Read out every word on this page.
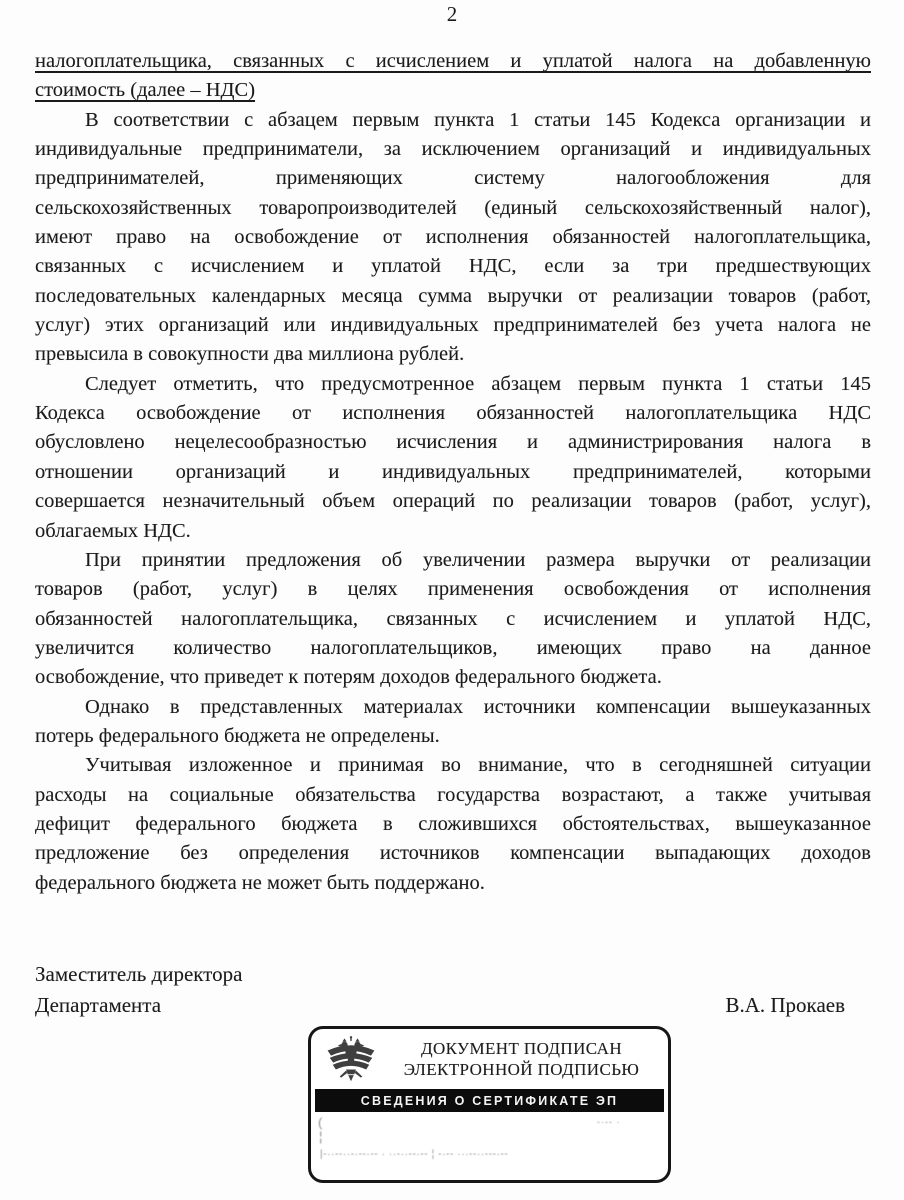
2
налогоплательщика, связанных с исчислением и уплатой налога на добавленную
стоимость (далее – НДС)
В соответствии с абзацем первым пункта 1 статьи 145 Кодекса организации и
индивидуальные предприниматели, за исключением организаций и индивидуальных
предпринимателей, применяющих систему налогообложения для
сельскохозяйственных товаропроизводителей (единый сельскохозяйственный налог),
имеют право на освобождение от исполнения обязанностей налогоплательщика,
связанных с исчислением и уплатой НДС, если за три предшествующих
последовательных календарных месяца сумма выручки от реализации товаров (работ,
услуг) этих организаций или индивидуальных предпринимателей без учета налога не
превысила в совокупности два миллиона рублей.
Следует отметить, что предусмотренное абзацем первым пункта 1 статьи 145
Кодекса освобождение от исполнения обязанностей налогоплательщика НДС
обусловлено нецелесообразностью исчисления и администрирования налога в
отношении организаций и индивидуальных предпринимателей, которыми
совершается незначительный объем операций по реализации товаров (работ, услуг),
облагаемых НДС.
При принятии предложения об увеличении размера выручки от реализации
товаров (работ, услуг) в целях применения освобождения от исполнения
обязанностей налогоплательщика, связанных с исчислением и уплатой НДС,
увеличится количество налогоплательщиков, имеющих право на данное
освобождение, что приведет к потерям доходов федерального бюджета.
Однако в представленных материалах источники компенсации вышеуказанных
потерь федерального бюджета не определены.
Учитывая изложенное и принимая во внимание, что в сегодняшней ситуации
расходы на социальные обязательства государства возрастают, а также учитывая
дефицит федерального бюджета в сложившихся обстоятельствах, вышеуказанное
предложение без определения источников компенсации выпадающих доходов
федерального бюджета не может быть поддержано.
Заместитель директора
Департамента	В.А. Прокаев
ДОКУМЕНТ ПОДПИСАН
ЭЛЕКТРОННОЙ ПОДПИСЬЮ
СВЕДЕНИЯ О СЕРТИФИКАТЕ ЭП
(	-·-- ·
¦
|-··--··-·--·-- · ··-··--·-- ¦ -·-- ···--··---·--
